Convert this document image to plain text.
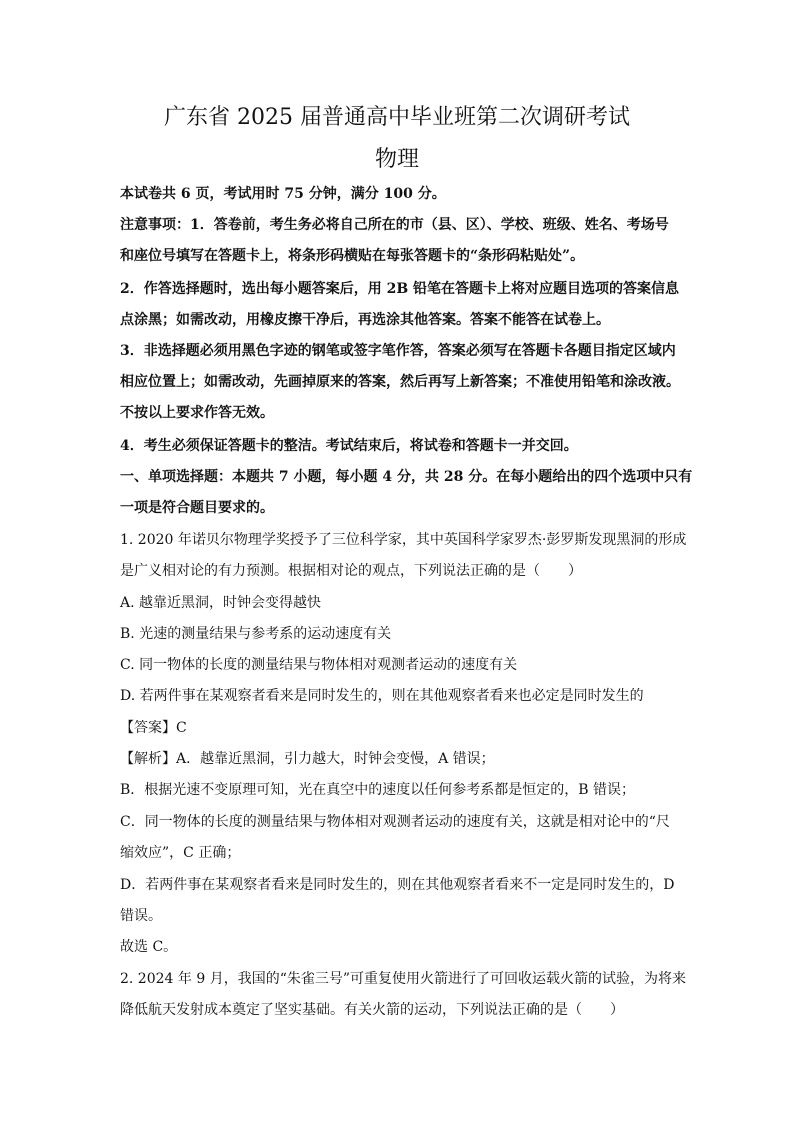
广东省 2025 届普通高中毕业班第二次调研考试
物理
本试卷共 6 页，考试用时 75 分钟，满分 100 分。
注意事项：1．答卷前，考生务必将自己所在的市（县、区）、学校、班级、姓名、考场号
和座位号填写在答题卡上，将条形码横贴在每张答题卡的“条形码粘贴处”。
2．作答选择题时，选出每小题答案后，用 2B 铅笔在答题卡上将对应题目选项的答案信息
点涂黑；如需改动，用橡皮擦干净后，再选涂其他答案。答案不能答在试卷上。
3．非选择题必须用黑色字迹的钢笔或签字笔作答，答案必须写在答题卡各题目指定区域内
相应位置上；如需改动，先画掉原来的答案，然后再写上新答案；不准使用铅笔和涂改液。
不按以上要求作答无效。
4．考生必须保证答题卡的整洁。考试结束后，将试卷和答题卡一并交回。
一、单项选择题：本题共 7 小题，每小题 4 分，共 28 分。在每小题给出的四个选项中只有
一项是符合题目要求的。
1. 2020 年诺贝尔物理学奖授予了三位科学家，其中英国科学家罗杰·彭罗斯发现黑洞的形成
是广义相对论的有力预测。根据相对论的观点，下列说法正确的是（　　）
A. 越靠近黑洞，时钟会变得越快
B. 光速的测量结果与参考系的运动速度有关
C. 同一物体的长度的测量结果与物体相对观测者运动的速度有关
D. 若两件事在某观察者看来是同时发生的，则在其他观察者看来也必定是同时发生的
【答案】C
【解析】A．越靠近黑洞，引力越大，时钟会变慢，A 错误；
B．根据光速不变原理可知，光在真空中的速度以任何参考系都是恒定的，B 错误；
C．同一物体的长度的测量结果与物体相对观测者运动的速度有关，这就是相对论中的“尺
缩效应”，C 正确；
D．若两件事在某观察者看来是同时发生的，则在其他观察者看来不一定是同时发生的，D
错误。
故选 C。
2. 2024 年 9 月，我国的“朱雀三号”可重复使用火箭进行了可回收运载火箭的试验，为将来
降低航天发射成本奠定了坚实基础。有关火箭的运动，下列说法正确的是（　　）
